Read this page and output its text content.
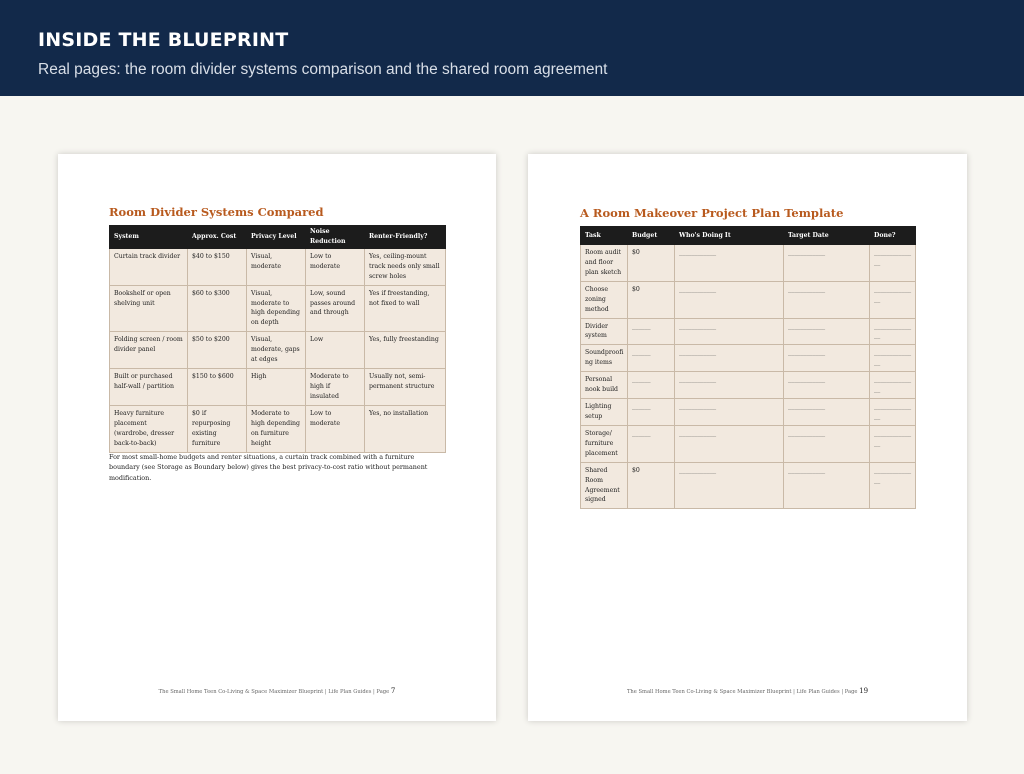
INSIDE THE BLUEPRINT

Real pages: the room divider systems comparison and the shared room agreement

Room Divider Systems Compared
System	Approx. Cost	Privacy Level	Noise Reduction	Renter-Friendly?
Curtain track divider	$40 to $150	Visual, moderate	Low to moderate	Yes, ceiling-mount track needs only small screw holes
Bookshelf or open shelving unit	$60 to $300	Visual, moderate to high depending on depth	Low, sound passes around and through	Yes if freestanding, not fixed to wall
Folding screen / room divider panel	$50 to $200	Visual, moderate, gaps at edges	Low	Yes, fully freestanding
Built or purchased half-wall / partition	$150 to $600	High	Moderate to high if insulated	Usually not, semi-permanent structure
Heavy furniture placement (wardrobe, dresser back-to-back)	$0 if repurposing existing furniture	Moderate to high depending on furniture height	Low to moderate	Yes, no installation

For most small-home budgets and renter situations, a curtain track combined with a furniture boundary (see Storage as Boundary below) gives the best privacy-to-cost ratio without permanent modification.

The Small Home Teen Co-Living & Space Maximizer Blueprint | Life Plan Guides | Page 7

A Room Makeover Project Plan Template
Task	Budget	Who's Doing It	Target Date	Done?
Room audit and floor plan sketch	$0	____________	____________	____________
__
Choose zoning method	$0	____________	____________	____________
__
Divider system	______	____________	____________	____________
__
Soundproofi ng items	______	____________	____________	____________
__
Personal nook build	______	____________	____________	____________
__
Lighting setup	______	____________	____________	____________
__
Storage/ furniture placement	______	____________	____________	____________
__
Shared Room Agreement signed	$0	____________	____________	____________
__

The Small Home Teen Co-Living & Space Maximizer Blueprint | Life Plan Guides | Page 19
